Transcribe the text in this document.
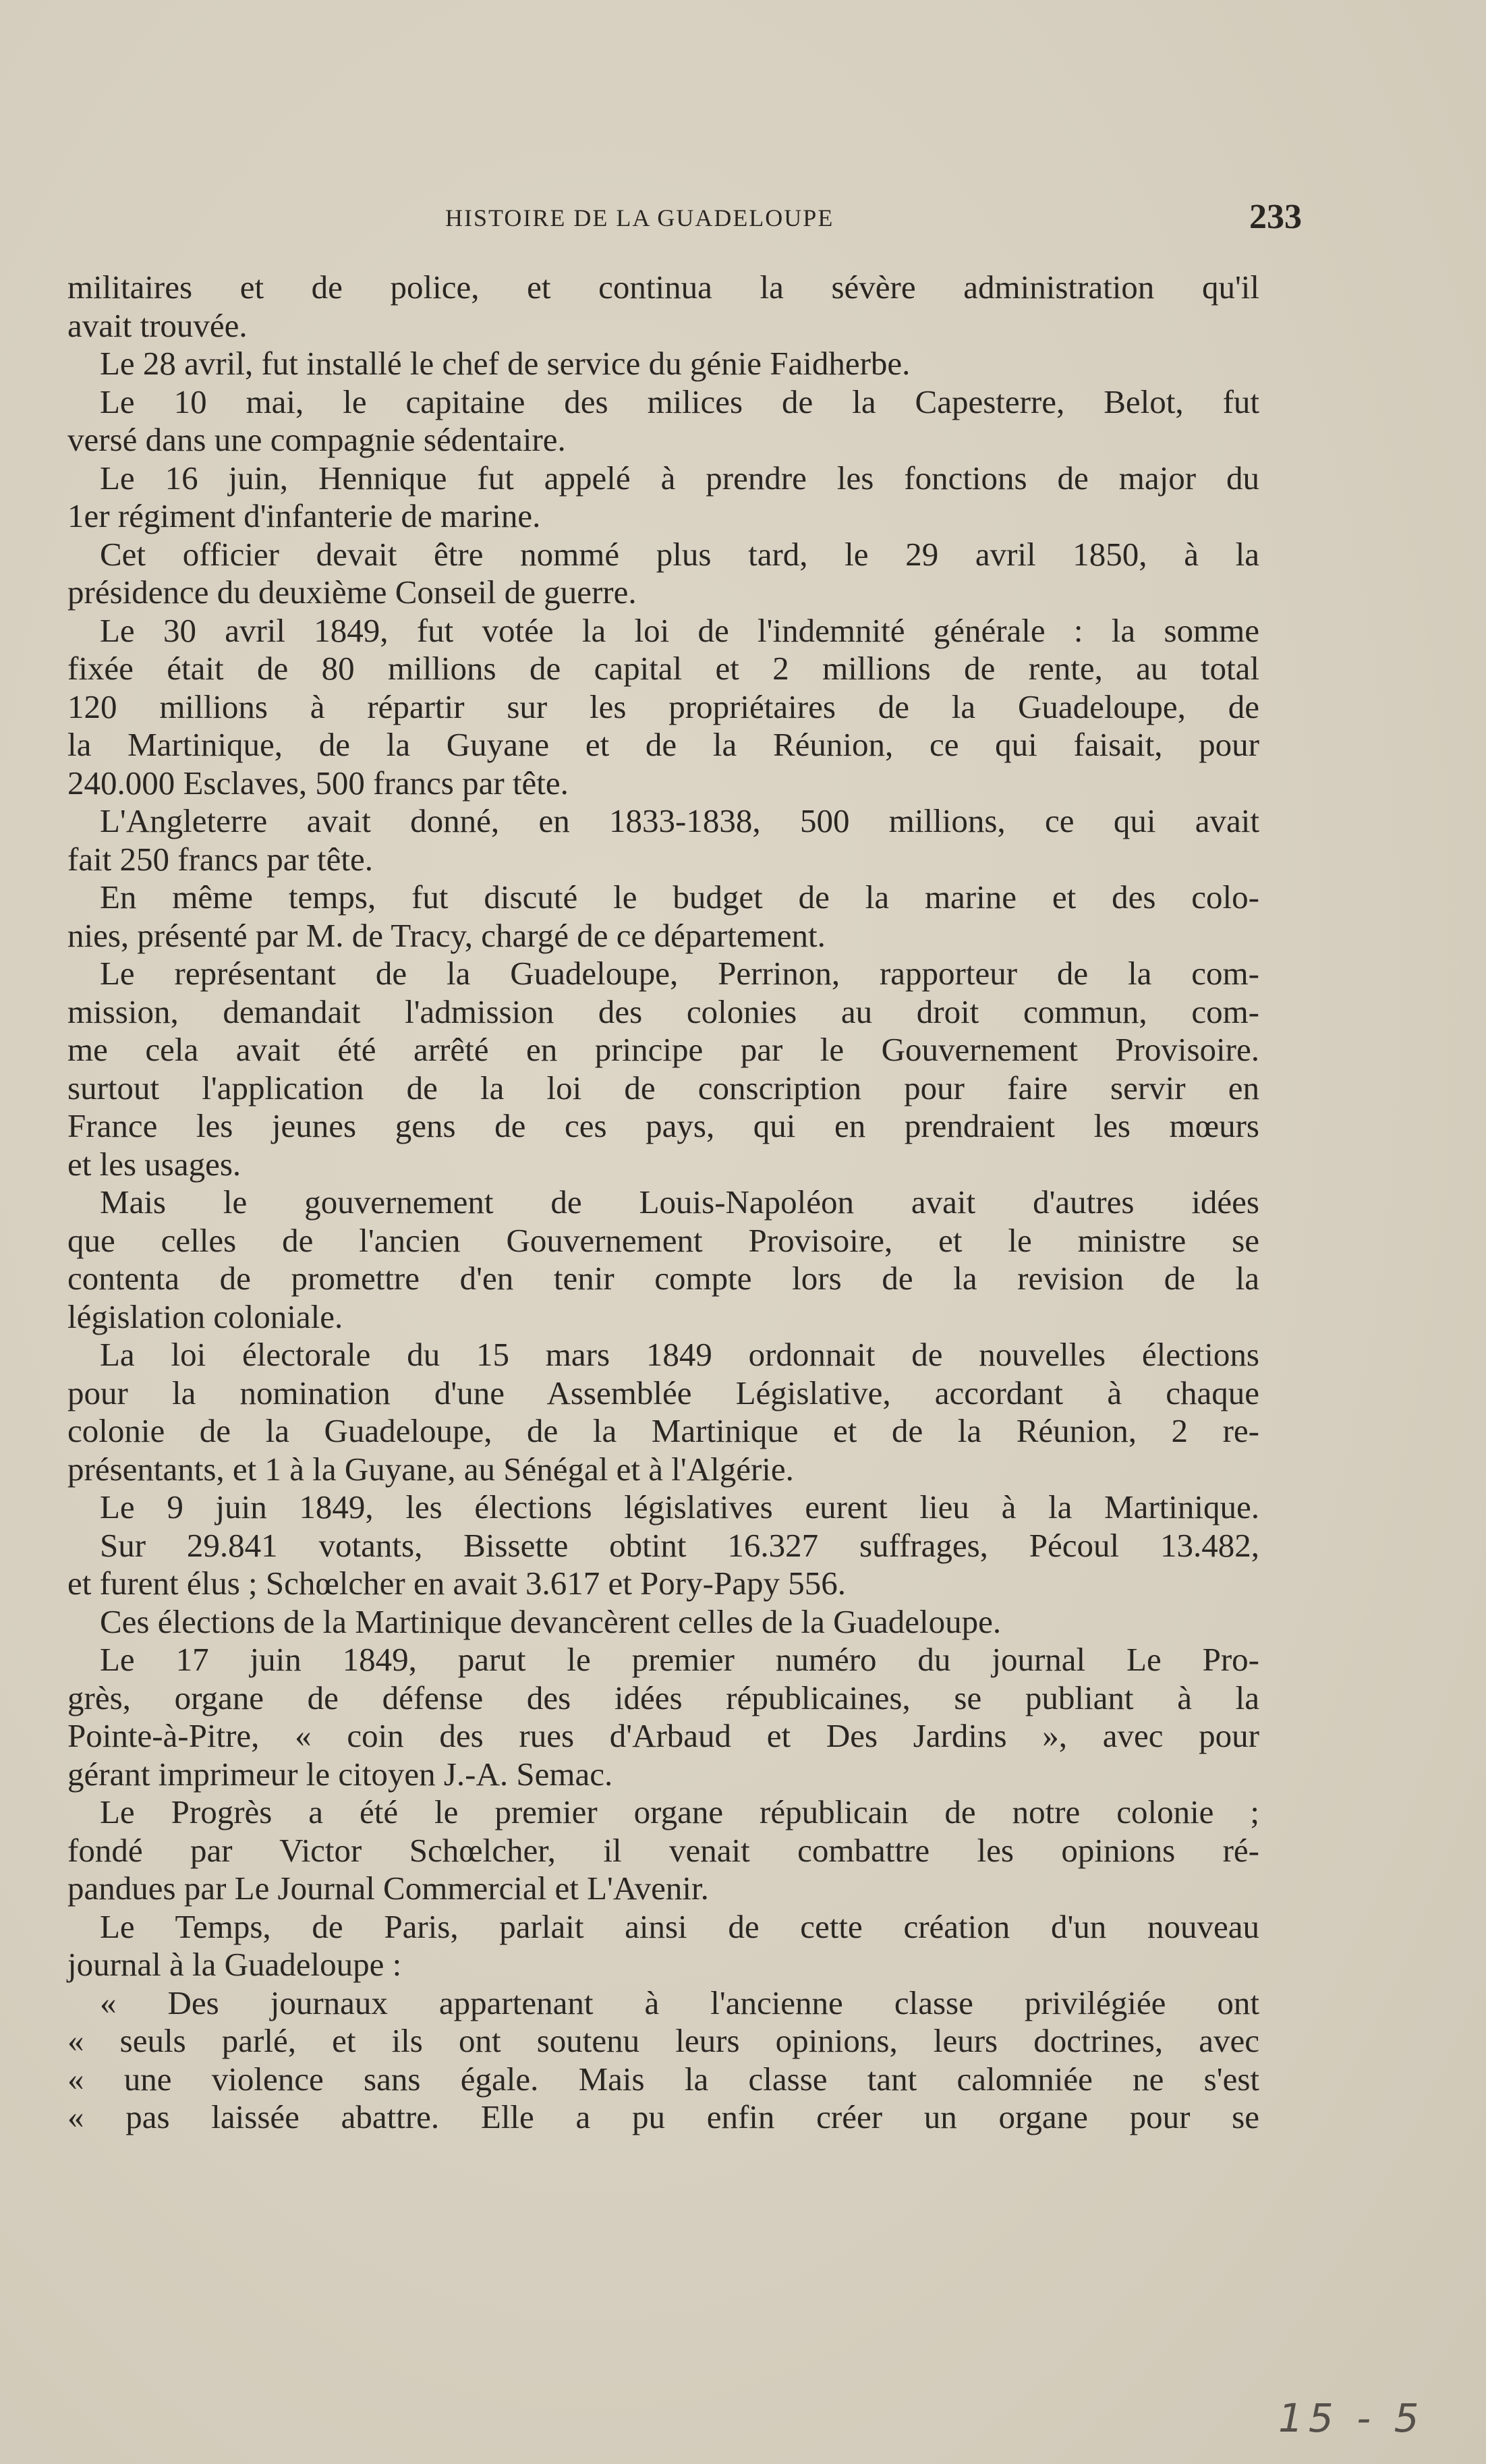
HISTOIRE DE LA GUADELOUPE	233
militaires et de police, et continua la sévère administration qu'il
avait trouvée.
Le 28 avril, fut installé le chef de service du génie Faidherbe.
Le 10 mai, le capitaine des milices de la Capesterre, Belot, fut
versé dans une compagnie sédentaire.
Le 16 juin, Hennique fut appelé à prendre les fonctions de major du
1er régiment d'infanterie de marine.
Cet officier devait être nommé plus tard, le 29 avril 1850, à la
présidence du deuxième Conseil de guerre.
Le 30 avril 1849, fut votée la loi de l'indemnité générale : la somme
fixée était de 80 millions de capital et 2 millions de rente, au total
120 millions à répartir sur les propriétaires de la Guadeloupe, de
la Martinique, de la Guyane et de la Réunion, ce qui faisait, pour
240.000 Esclaves, 500 francs par tête.
L'Angleterre avait donné, en 1833-1838, 500 millions, ce qui avait
fait 250 francs par tête.
En même temps, fut discuté le budget de la marine et des colo-
nies, présenté par M. de Tracy, chargé de ce département.
Le représentant de la Guadeloupe, Perrinon, rapporteur de la com-
mission, demandait l'admission des colonies au droit commun, com-
me cela avait été arrêté en principe par le Gouvernement Provisoire.
surtout l'application de la loi de conscription pour faire servir en
France les jeunes gens de ces pays, qui en prendraient les mœurs
et les usages.
Mais le gouvernement de Louis-Napoléon avait d'autres idées
que celles de l'ancien Gouvernement Provisoire, et le ministre se
contenta de promettre d'en tenir compte lors de la revision de la
législation coloniale.
La loi électorale du 15 mars 1849 ordonnait de nouvelles élections
pour la nomination d'une Assemblée Législative, accordant à chaque
colonie de la Guadeloupe, de la Martinique et de la Réunion, 2 re-
présentants, et 1 à la Guyane, au Sénégal et à l'Algérie.
Le 9 juin 1849, les élections législatives eurent lieu à la Martinique.
Sur 29.841 votants, Bissette obtint 16.327 suffrages, Pécoul 13.482,
et furent élus ; Schœlcher en avait 3.617 et Pory-Papy 556.
Ces élections de la Martinique devancèrent celles de la Guadeloupe.
Le 17 juin 1849, parut le premier numéro du journal Le Pro-
grès, organe de défense des idées républicaines, se publiant à la
Pointe-à-Pitre, « coin des rues d'Arbaud et Des Jardins », avec pour
gérant imprimeur le citoyen J.-A. Semac.
Le Progrès a été le premier organe républicain de notre colonie ;
fondé par Victor Schœlcher, il venait combattre les opinions ré-
pandues par Le Journal Commercial et L'Avenir.
Le Temps, de Paris, parlait ainsi de cette création d'un nouveau
journal à la Guadeloupe :
« Des journaux appartenant à l'ancienne classe privilégiée ont
« seuls parlé, et ils ont soutenu leurs opinions, leurs doctrines, avec
« une violence sans égale. Mais la classe tant calomniée ne s'est
« pas laissée abattre. Elle a pu enfin créer un organe pour se
15 - 5
